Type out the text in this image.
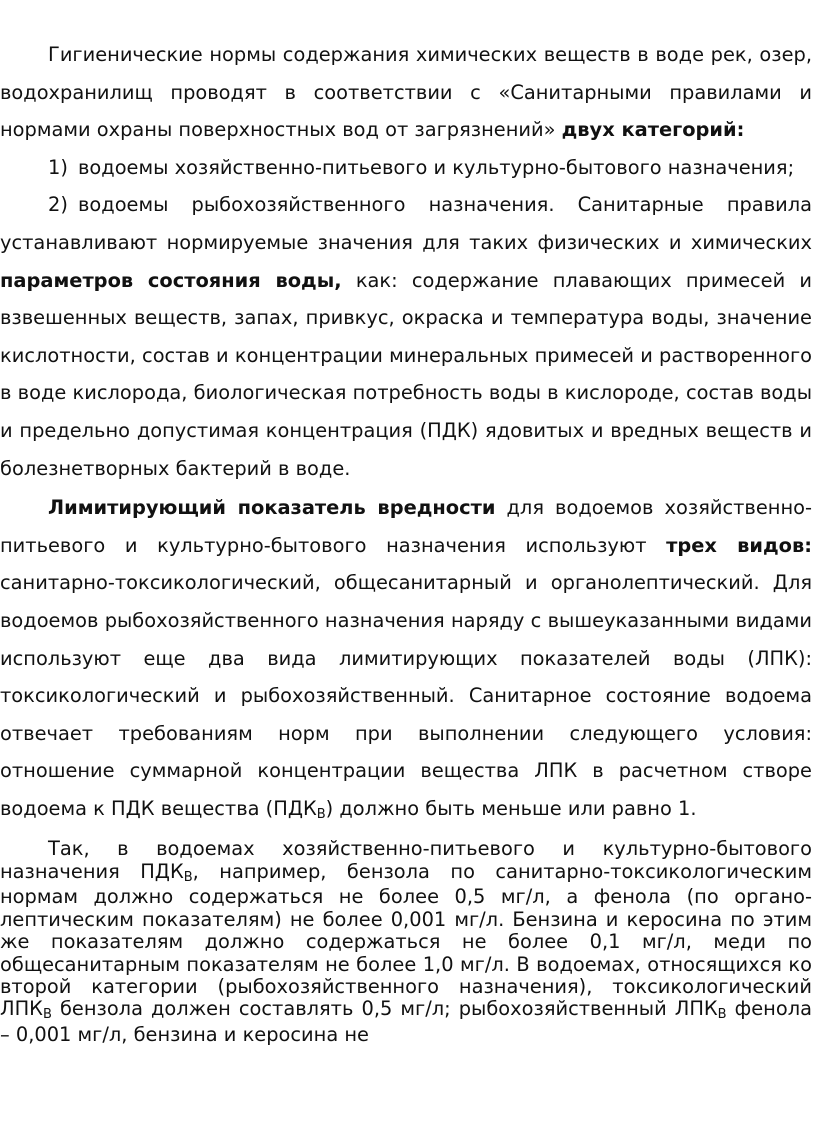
Гигиенические нормы содержания химических веществ в воде рек, озер, водохранилищ проводят в соответствии с «Санитарными правилами и нормами охраны поверхностных вод от загрязнений» двух категорий:

1) водоемы хозяйственно-питьевого и культурно-бытового назначения;

2) водоемы рыбохозяйственного назначения. Санитарные правила устанавливают нормируемые значения для таких физических и химических параметров состояния воды, как: содержание плавающих примесей и взвешенных веществ, запах, привкус, окраска и температура воды, значение кислотности, состав и концентрации минеральных примесей и растворенного в воде кислорода, биологическая потребность воды в кислороде, состав воды и предельно допустимая концентрация (ПДК) ядовитых и вредных веществ и болезнетворных бактерий в воде.

Лимитирующий показатель вредности для водоемов хозяйственно-питьевого и культурно-бытового назначения используют трех видов: санитарно-токсикологический, общесанитарный и органолептический. Для водоемов рыбохозяйственного назначения наряду с вышеуказанными видами используют еще два вида лимитирующих показателей воды (ЛПК): токсикологический и рыбохозяйственный. Санитарное состояние водоема отвечает требованиям норм при выполнении следующего условия: отношение суммарной концентрации вещества ЛПК в расчетном створе водоема к ПДК вещества $(ПДК_В)$ должно быть меньше или равно 1.

Так, в водоемах хозяйственно-питьевого и культурно-бытового назначения $ПДК_В$, например, бензола по санитарно-токсикологическим нормам должно содержаться не более 0,5 мг/л, а фенола (по органо-лептическим показателям) не более 0,001 мг/л. Бензина и керосина по этим же показателям должно содержаться не более 0,1 мг/л, меди по общесанитарным показателям не более 1,0 мг/л. В водоемах, относящихся ко второй категории (рыбохозяйственного назначения), токсикологический $ЛПК_В$ бензола должен составлять 0,5 мг/л; рыбохозяйственный $ЛПК_В$ фенола – 0,001 мг/л, бензина и керосина не
